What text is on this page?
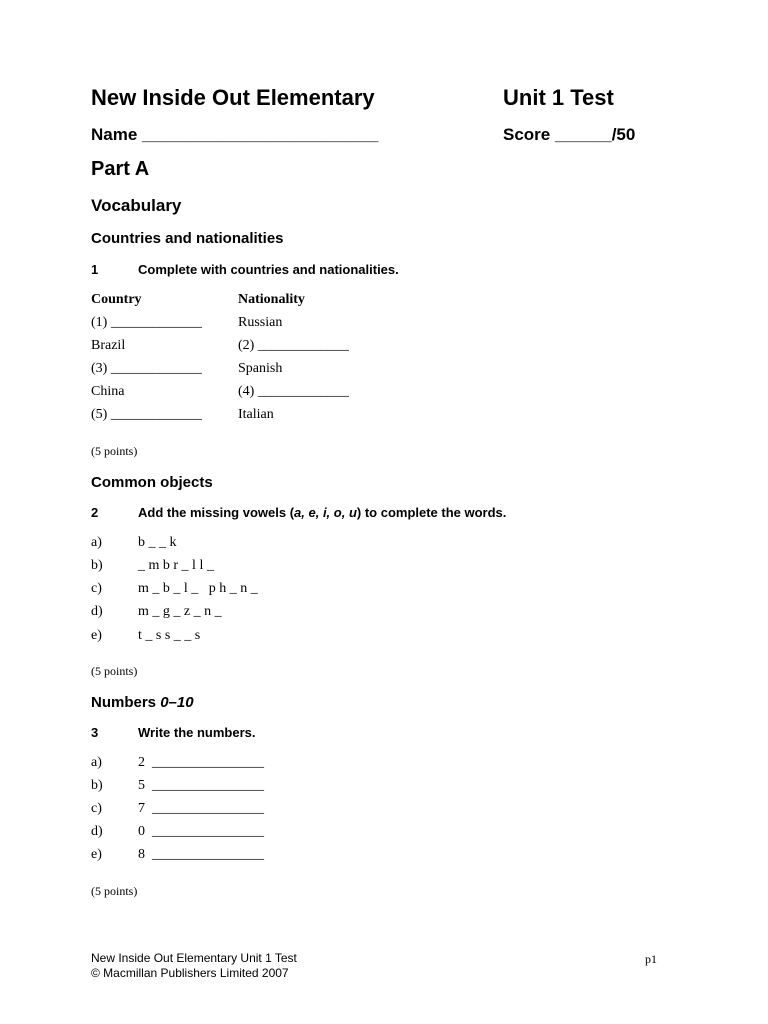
New Inside Out Elementary	Unit 1 Test
Name _________________________	Score ______/50
Part A
Vocabulary
Countries and nationalities
1	Complete with countries and nationalities.
Country	Nationality
(1) _____________	Russian
Brazil	(2) _____________
(3) _____________	Spanish
China	(4) _____________
(5) _____________	Italian
(5 points)
Common objects
2	Add the missing vowels (a, e, i, o, u) to complete the words.
a)	b _ _ k
b)	_ m b r _ l l _
c)	m _ b _ l _   p h _ n _
d)	m _ g _ z _ n _
e)	t _ s s _ _ s
(5 points)
Numbers 0–10
3	Write the numbers.
a)	2  ________________
b)	5  ________________
c)	7  ________________
d)	0  ________________
e)	8  ________________
(5 points)
New Inside Out Elementary Unit 1 Test
© Macmillan Publishers Limited 2007
p1
